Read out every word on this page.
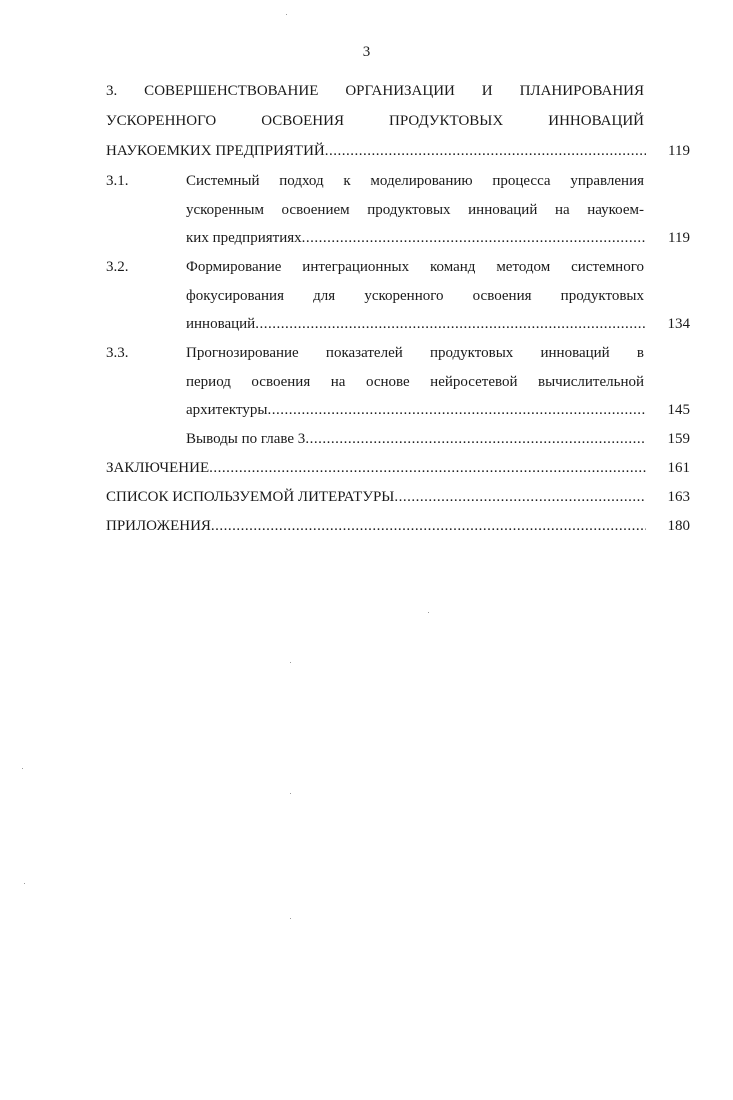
3
3. СОВЕРШЕНСТВОВАНИЕ ОРГАНИЗАЦИИ И ПЛАНИРОВАНИЯ
УСКОРЕННОГО ОСВОЕНИЯ ПРОДУКТОВЫХ ИННОВАЦИЙ
НАУКОЕМКИХ ПРЕДПРИЯТИЙ .....	119
3.1.	Системный подход к моделированию процесса управления
ускоренным освоением продуктовых инноваций на наукоем-
ких предприятиях .....	119
3.2.	Формирование интеграционных команд методом системного
фокусирования для ускоренного освоения продуктовых
инноваций .....	134
3.3.	Прогнозирование показателей продуктовых инноваций в
период освоения на основе нейросетевой вычислительной
архитектуры .....	145
Выводы по главе 3 .....	159
ЗАКЛЮЧЕНИЕ .....	161
СПИСОК ИСПОЛЬЗУЕМОЙ ЛИТЕРАТУРЫ .....	163
ПРИЛОЖЕНИЯ .....	180
